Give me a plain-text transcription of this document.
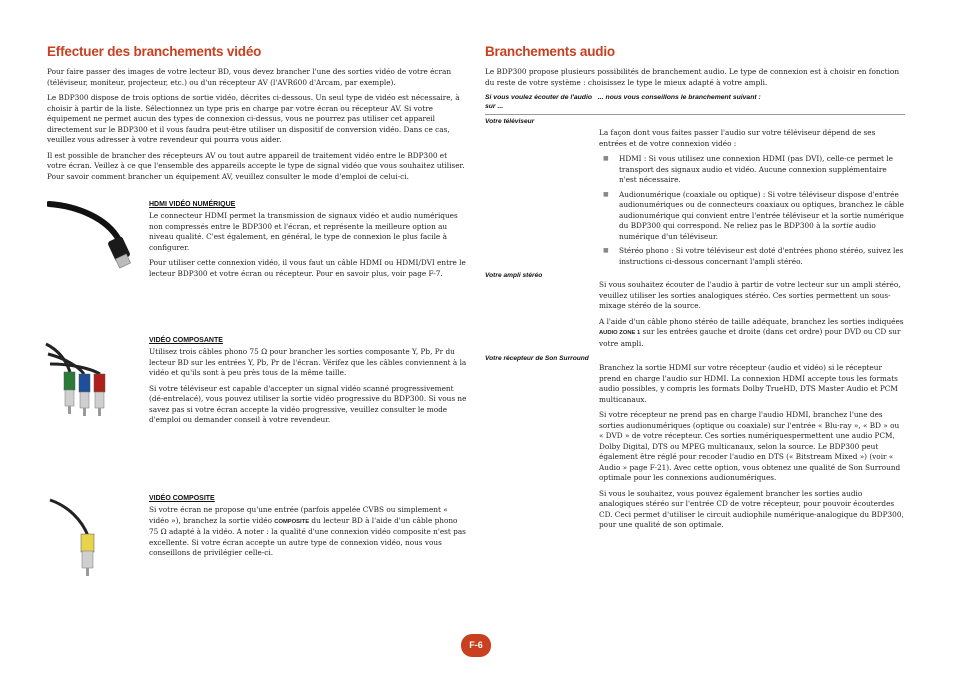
Effectuer des branchements vidéo

Pour faire passer des images de votre lecteur BD, vous devez brancher l'une des sorties vidéo de votre écran (téléviseur, moniteur, projecteur, etc.) ou d'un récepteur AV (l'AVR600 d'Arcam, par exemple).

Le BDP300 dispose de trois options de sortie vidéo, décrites ci-dessous. Un seul type de vidéo est nécessaire, à choisir à partir de la liste. Sélectionnez un type pris en charge par votre écran ou récepteur AV. Si votre équipement ne permet aucun des types de connexion ci-dessus, vous ne pourrez pas utiliser cet appareil directement sur le BDP300 et il vous faudra peut-être utiliser un dispositif de conversion vidéo. Dans ce cas, veuillez vous adresser à votre revendeur qui pourra vous aider.

Il est possible de brancher des récepteurs AV ou tout autre appareil de traitement vidéo entre le BDP300 et votre écran. Veillez à ce que l'ensemble des appareils accepte le type de signal vidéo que vous souhaitez utiliser. Pour savoir comment brancher un équipement AV, veuillez consulter le mode d'emploi de celui-ci.

HDMI VIDÉO NUMÉRIQUE

Le connecteur HDMI permet la transmission de signaux vidéo et audio numériques non compressés entre le BDP300 et l'écran, et représente la meilleure option au niveau qualité. C'est également, en général, le type de connexion le plus facile à configurer.

Pour utiliser cette connexion vidéo, il vous faut un câble HDMI ou HDMI/DVI entre le lecteur BDP300 et votre écran ou récepteur. Pour en savoir plus, voir page F-7.

VIDÉO COMPOSANTE

Utilisez trois câbles phono 75 Ω pour brancher les sorties composante Y, Pb, Pr du lecteur BD sur les entrées Y, Pb, Pr de l'écran. Vérifez que les câbles conviennent à la vidéo et qu'ils sont à peu près tous de la même taille.

Si votre téléviseur est capable d'accepter un signal vidéo scanné progressivement (dé-entrelacé), vous pouvez utiliser la sortie vidéo progressive du BDP300. Si vous ne savez pas si votre écran accepte la vidéo progressive, veuillez consulter le mode d'emploi ou demander conseil à votre revendeur.

VIDÉO COMPOSITE

Si votre écran ne propose qu'une entrée (parfois appelée CVBS ou simplement « vidéo »), branchez la sortie vidéo COMPOSITE du lecteur BD à l'aide d'un câble phono 75 Ω adapté à la vidéo. A noter : la qualité d'une connexion vidéo composite n'est pas excellente. Si votre écran accepte un autre type de connexion vidéo, nous vous conseillons de privilégier celle-ci.

Branchements audio

Le BDP300 propose plusieurs possibilités de branchement audio. Le type de connexion est à choisir en fonction du reste de votre système : choisissez le type le mieux adapté à votre ampli.

Si vous voulez écouter de l'audio sur ...
... nous vous conseillons le branchement suivant :
Votre téléviseur

La façon dont vous faites passer l'audio sur votre téléviseur dépend de ses entrées et de votre connexion vidéo :

■	HDMI : Si vous utilisez une connexion HDMI (pas DVI), celle-ce permet le transport des signaux audio et vidéo. Aucune connexion supplémentaire n'est nécessaire.
■	Audionumérique (coaxiale ou optique) : Si votre téléviseur dispose d'entrée audionumériques ou de connecteurs coaxiaux ou optiques, branchez le câble audionumérique qui convient entre l'entrée téléviseur et la sortie numérique du BDP300 qui correspond. Ne reliez pas le BDP300 à la sortie audio numérique d'un téléviseur.
■	Stéréo phono : Si votre téléviseur est doté d'entrées phono stéréo, suivez les instructions ci-dessous concernant l'ampli stéréo.
Votre ampli stéréo

Si vous souhaitez écouter de l'audio à partir de votre lecteur sur un ampli stéréo, veuillez utiliser les sorties analogiques stéréo. Ces sorties permettent un sous-mixage stéréo de la source.

A l'aide d'un câble phono stéréo de taille adéquate, branchez les sorties indiquées AUDIO ZONE 1 sur les entrées gauche et droite (dans cet ordre) pour DVD ou CD sur votre ampli.

Votre récepteur de Son Surround

Branchez la sortie HDMI sur votre récepteur (audio et vidéo) si le récepteur prend en charge l'audio sur HDMI. La connexion HDMI accepte tous les formats audio possibles, y compris les formats Dolby TrueHD, DTS Master Audio et PCM multicanaux.

Si votre récepteur ne prend pas en charge l'audio HDMI, branchez l'une des sorties audionumériques (optique ou coaxiale) sur l'entrée « Blu-ray », « BD » ou « DVD » de votre récepteur. Ces sorties numériquespermettent une audio PCM, Dolby Digital, DTS ou MPEG multicanaux, selon la source. Le BDP300 peut également être réglé pour recoder l'audio en DTS (« Bitstream Mixed ») (voir « Audio » page F-21). Avec cette option, vous obtenez une qualité de Son Surround optimale pour les connexions audionumériques.

Si vous le souhaitez, vous pouvez également brancher les sorties audio analogiques stéréo sur l'entrée CD de votre récepteur, pour pouvoir écouterdes CD. Ceci permet d'utiliser le circuit audiophile numérique-analogique du BDP300, pour une qualité de son optimale.

F-6
